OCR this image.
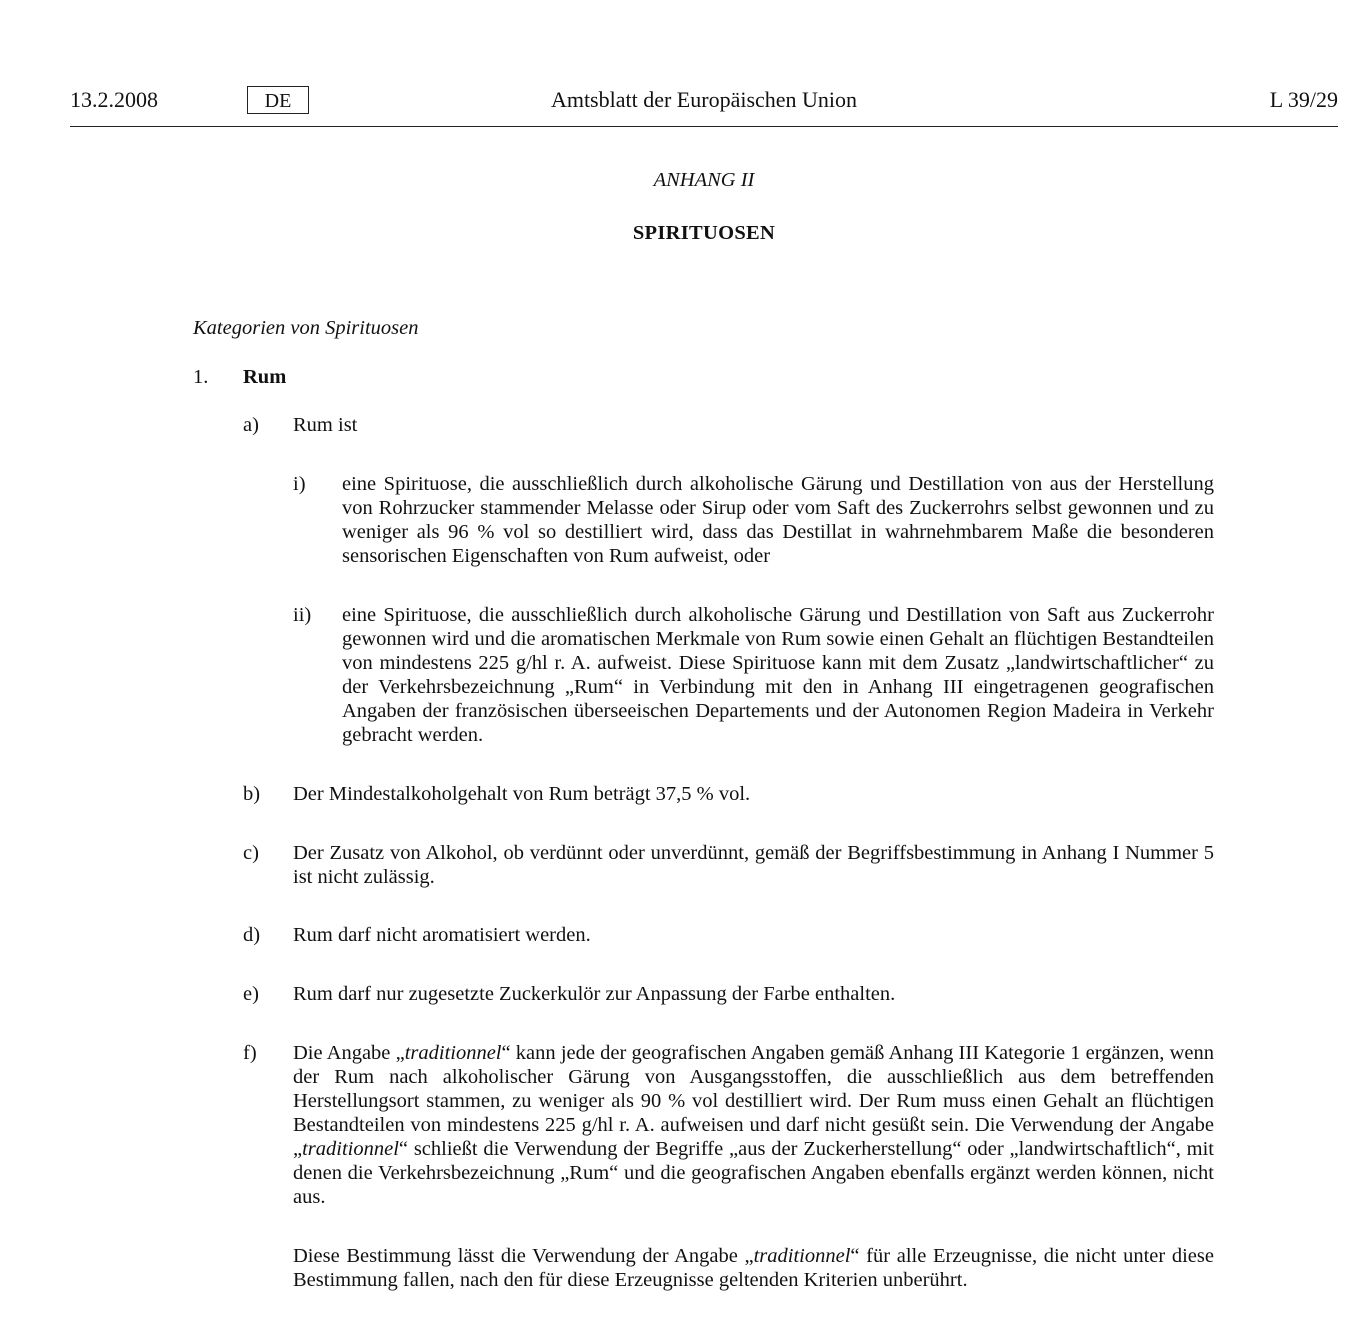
13.2.2008	DE	Amtsblatt der Europäischen Union	L 39/29
ANHANG II
SPIRITUOSEN
Kategorien von Spirituosen
1. Rum
a) Rum ist
i) eine Spirituose, die ausschließlich durch alkoholische Gärung und Destillation von aus der Herstellung von Rohrzucker stammender Melasse oder Sirup oder vom Saft des Zuckerrohrs selbst gewonnen und zu weniger als 96 % vol so destilliert wird, dass das Destillat in wahrnehmbarem Maße die besonderen sensorischen Eigenschaften von Rum aufweist, oder
ii) eine Spirituose, die ausschließlich durch alkoholische Gärung und Destillation von Saft aus Zuckerrohr gewonnen wird und die aromatischen Merkmale von Rum sowie einen Gehalt an flüchtigen Bestandteilen von mindestens 225 g/hl r. A. aufweist. Diese Spirituose kann mit dem Zusatz „landwirtschaftlicher“ zu der Verkehrsbezeichnung „Rum“ in Verbindung mit den in Anhang III eingetragenen geografischen Angaben der französischen überseeischen Departements und der Autonomen Region Madeira in Verkehr gebracht werden.
b) Der Mindestalkoholgehalt von Rum beträgt 37,5 % vol.
c) Der Zusatz von Alkohol, ob verdünnt oder unverdünnt, gemäß der Begriffsbestimmung in Anhang I Nummer 5 ist nicht zulässig.
d) Rum darf nicht aromatisiert werden.
e) Rum darf nur zugesetzte Zuckerkulör zur Anpassung der Farbe enthalten.
f) Die Angabe „traditionnel“ kann jede der geografischen Angaben gemäß Anhang III Kategorie 1 ergänzen, wenn der Rum nach alkoholischer Gärung von Ausgangsstoffen, die ausschließlich aus dem betreffenden Herstellungsort stammen, zu weniger als 90 % vol destilliert wird. Der Rum muss einen Gehalt an flüchtigen Bestandteilen von mindestens 225 g/hl r. A. aufweisen und darf nicht gesüßt sein. Die Verwendung der Angabe „traditionnel“ schließt die Verwendung der Begriffe „aus der Zuckerherstellung“ oder „landwirtschaftlich“, mit denen die Verkehrsbezeichnung „Rum“ und die geografischen Angaben ebenfalls ergänzt werden können, nicht aus.
Diese Bestimmung lässt die Verwendung der Angabe „traditionnel“ für alle Erzeugnisse, die nicht unter diese Bestimmung fallen, nach den für diese Erzeugnisse geltenden Kriterien unberührt.
